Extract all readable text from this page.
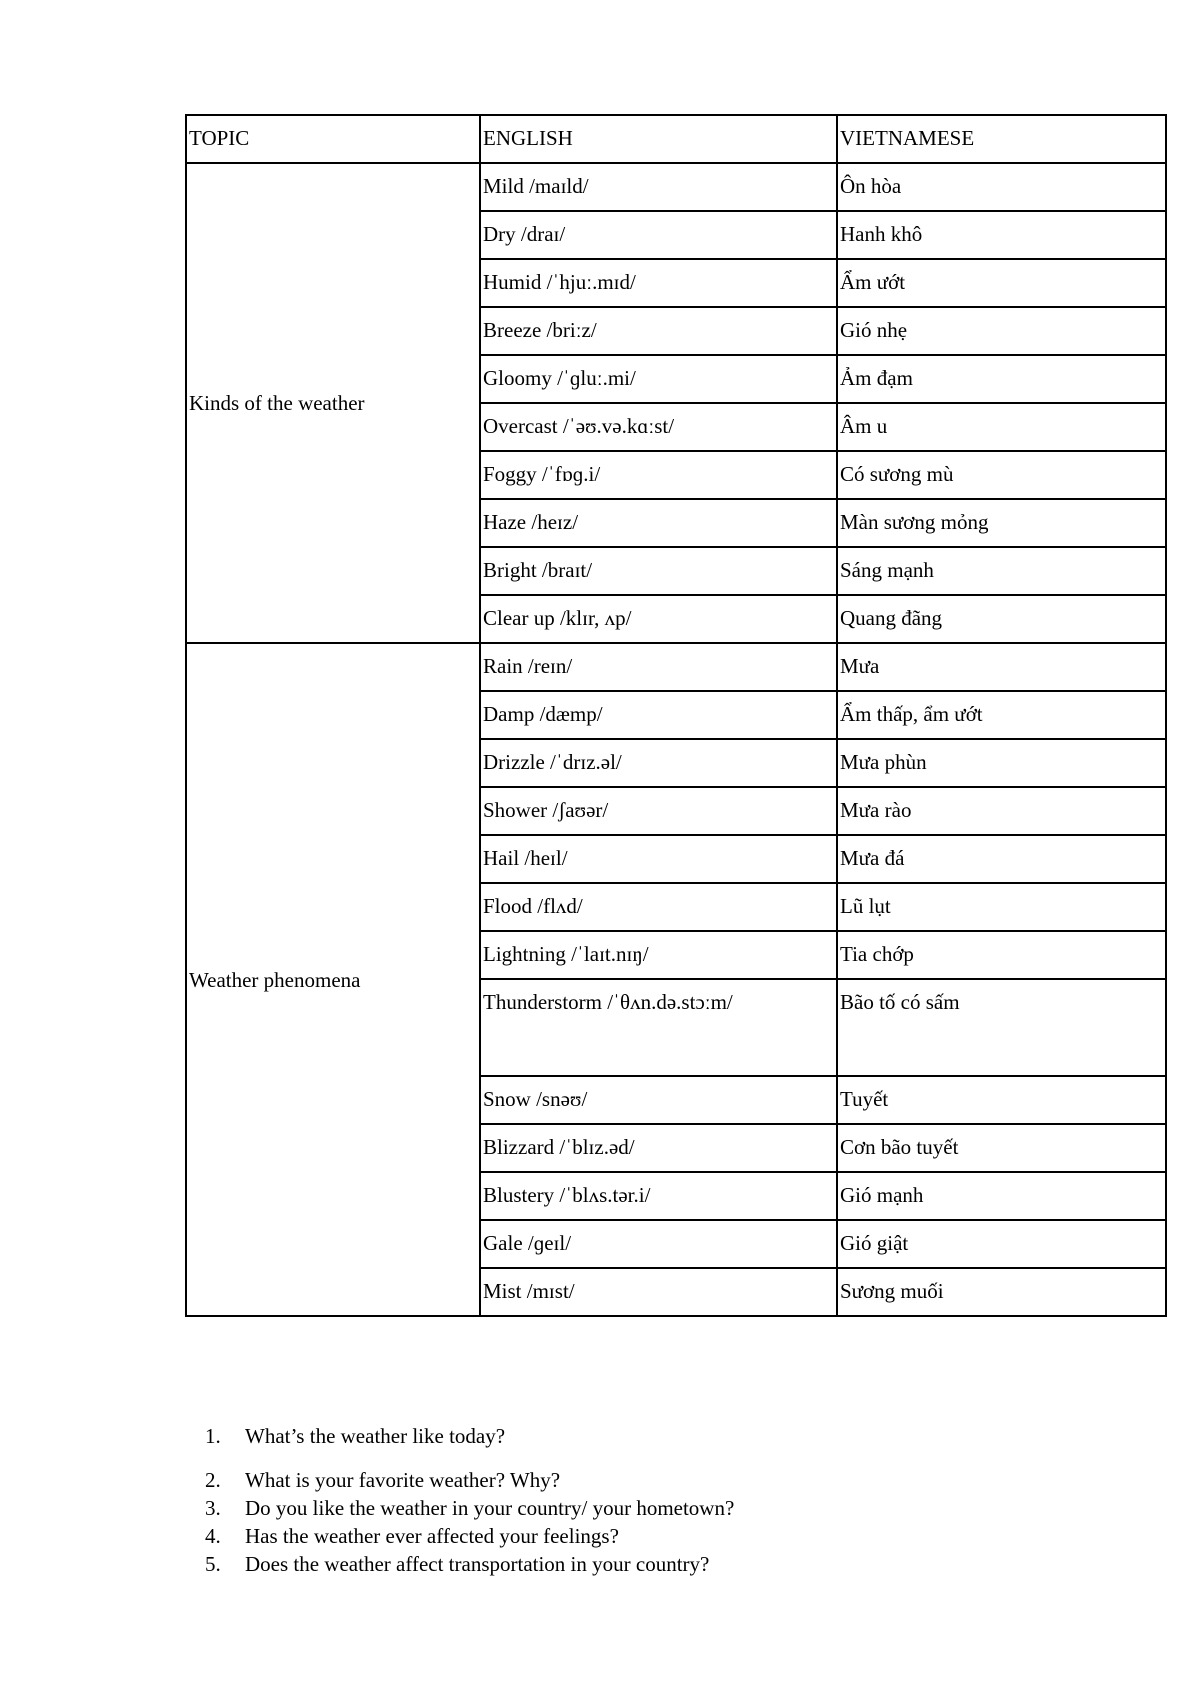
TOPIC	ENGLISH	VIETNAMESE
Kinds of the weather	Mild /maɪld/	Ôn hòa
	Dry /draɪ/	Hanh khô
	Humid /ˈhjuː.mɪd/	Ẩm ướt
	Breeze /briːz/	Gió nhẹ
	Gloomy /ˈɡluː.mi/	Ảm đạm
	Overcast /ˈəʊ.və.kɑːst/	Âm u
	Foggy /ˈfɒɡ.i/	Có sương mù
	Haze /heɪz/	Màn sương mỏng
	Bright /braɪt/	Sáng mạnh
	Clear up /klɪr, ʌp/	Quang đãng
Weather phenomena	Rain /reɪn/	Mưa
	Damp /dæmp/	Ẩm thấp, ẩm ướt
	Drizzle /ˈdrɪz.əl/	Mưa phùn
	Shower /ʃaʊər/	Mưa rào
	Hail /heɪl/	Mưa đá
	Flood /flʌd/	Lũ lụt
	Lightning /ˈlaɪt.nɪŋ/	Tia chớp

	Thunderstorm /ˈθʌn.də.stɔːm/	Bão tố có sấm
	Snow /snəʊ/	Tuyết
	Blizzard /ˈblɪz.əd/	Cơn bão tuyết
	Blustery /ˈblʌs.tər.i/	Gió mạnh
	Gale /ɡeɪl/	Gió giật
	Mist /mɪst/	Sương muối
1. What’s the weather like today?
2. What is your favorite weather? Why?
3. Do you like the weather in your country/ your hometown?
4. Has the weather ever affected your feelings?
5. Does the weather affect transportation in your country?
